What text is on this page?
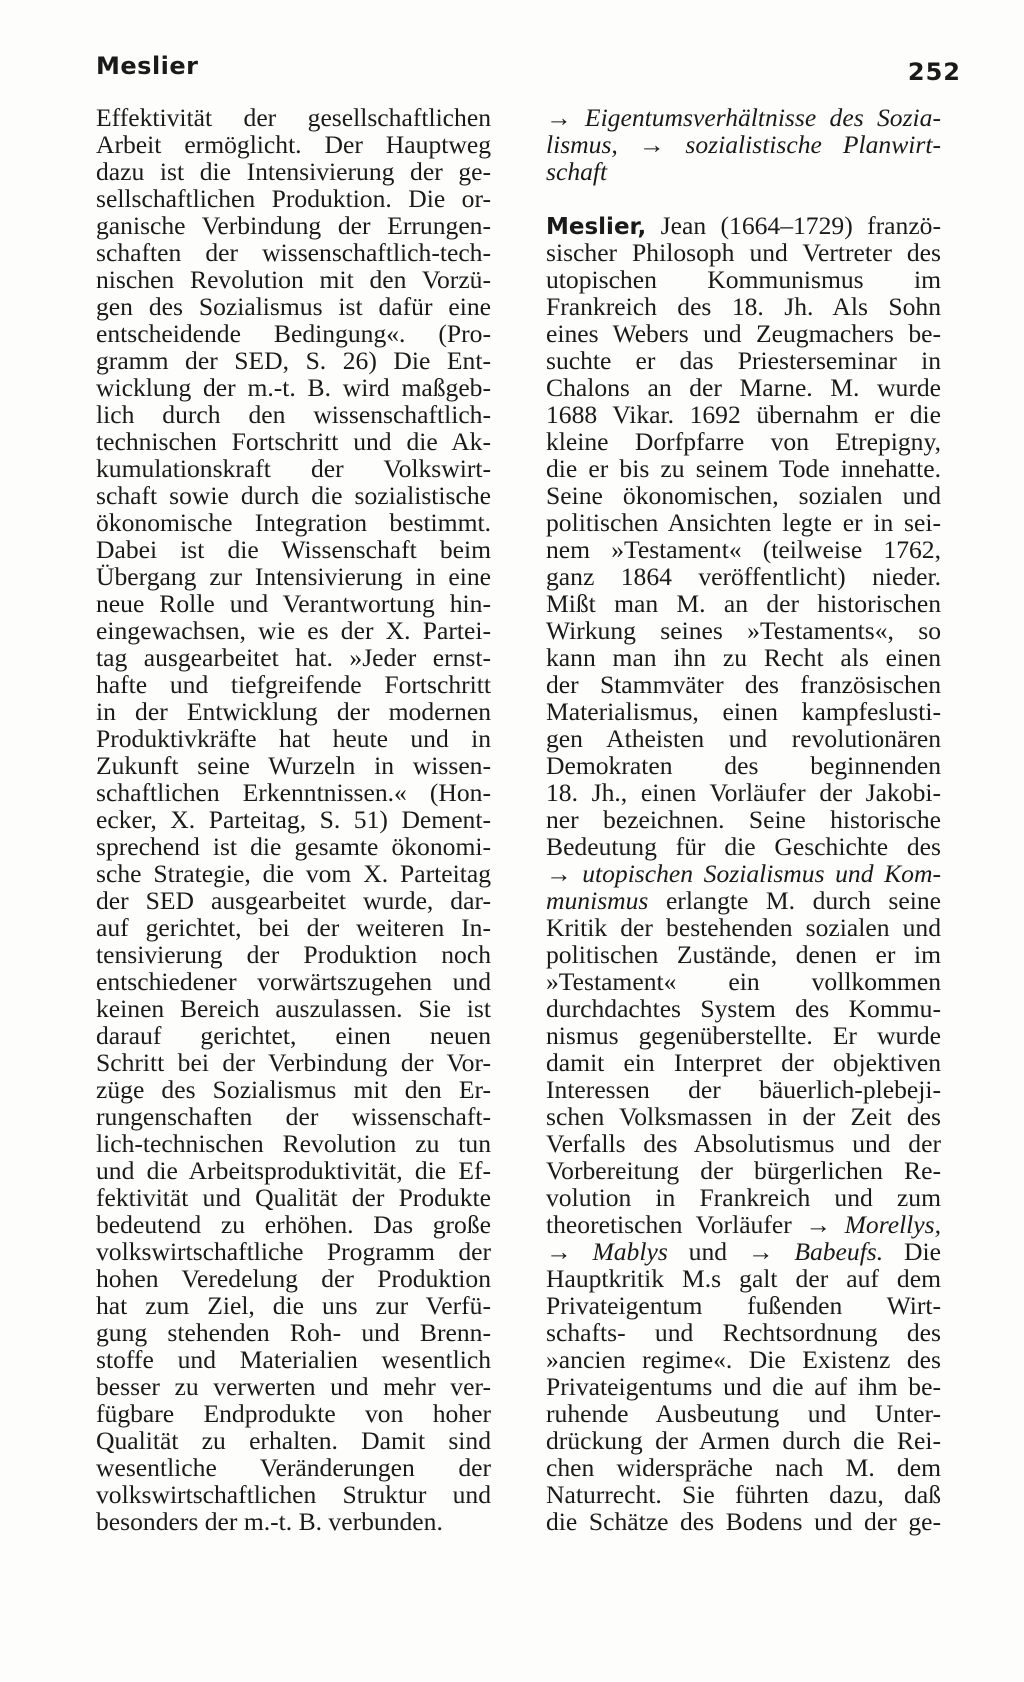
Meslier	252
Effektivität der gesellschaftlichen
Arbeit ermöglicht. Der Hauptweg
dazu ist die Intensivierung der ge-
sellschaftlichen Produktion. Die or-
ganische Verbindung der Errungen-
schaften der wissenschaftlich-tech-
nischen Revolution mit den Vorzü-
gen des Sozialismus ist dafür eine
entscheidende Bedingung«. (Pro-
gramm der SED, S. 26) Die Ent-
wicklung der m.-t. B. wird maßgeb-
lich durch den wissenschaftlich-
technischen Fortschritt und die Ak-
kumulationskraft der Volkswirt-
schaft sowie durch die sozialistische
ökonomische Integration bestimmt.
Dabei ist die Wissenschaft beim
Übergang zur Intensivierung in eine
neue Rolle und Verantwortung hin-
eingewachsen, wie es der X. Partei-
tag ausgearbeitet hat. »Jeder ernst-
hafte und tiefgreifende Fortschritt
in der Entwicklung der modernen
Produktivkräfte hat heute und in
Zukunft seine Wurzeln in wissen-
schaftlichen Erkenntnissen.« (Hon-
ecker, X. Parteitag, S. 51) Dement-
sprechend ist die gesamte ökonomi-
sche Strategie, die vom X. Parteitag
der SED ausgearbeitet wurde, dar-
auf gerichtet, bei der weiteren In-
tensivierung der Produktion noch
entschiedener vorwärtszugehen und
keinen Bereich auszulassen. Sie ist
darauf gerichtet, einen neuen
Schritt bei der Verbindung der Vor-
züge des Sozialismus mit den Er-
rungenschaften der wissenschaft-
lich-technischen Revolution zu tun
und die Arbeitsproduktivität, die Ef-
fektivität und Qualität der Produkte
bedeutend zu erhöhen. Das große
volkswirtschaftliche Programm der
hohen Veredelung der Produktion
hat zum Ziel, die uns zur Verfü-
gung stehenden Roh- und Brenn-
stoffe und Materialien wesentlich
besser zu verwerten und mehr ver-
fügbare Endprodukte von hoher
Qualität zu erhalten. Damit sind
wesentliche Veränderungen der
volkswirtschaftlichen Struktur und
besonders der m.-t. B. verbunden.
→ Eigentumsverhältnisse des Sozia-
lismus, → sozialistische Planwirt-
schaft
Meslier, Jean (1664–1729) franzö-
sischer Philosoph und Vertreter des
utopischen Kommunismus im
Frankreich des 18. Jh. Als Sohn
eines Webers und Zeugmachers be-
suchte er das Priesterseminar in
Chalons an der Marne. M. wurde
1688 Vikar. 1692 übernahm er die
kleine Dorfpfarre von Etrepigny,
die er bis zu seinem Tode innehatte.
Seine ökonomischen, sozialen und
politischen Ansichten legte er in sei-
nem »Testament« (teilweise 1762,
ganz 1864 veröffentlicht) nieder.
Mißt man M. an der historischen
Wirkung seines »Testaments«, so
kann man ihn zu Recht als einen
der Stammväter des französischen
Materialismus, einen kampfeslusti-
gen Atheisten und revolutionären
Demokraten des beginnenden
18. Jh., einen Vorläufer der Jakobi-
ner bezeichnen. Seine historische
Bedeutung für die Geschichte des
→ utopischen Sozialismus und Kom-
munismus erlangte M. durch seine
Kritik der bestehenden sozialen und
politischen Zustände, denen er im
»Testament« ein vollkommen
durchdachtes System des Kommu-
nismus gegenüberstellte. Er wurde
damit ein Interpret der objektiven
Interessen der bäuerlich-plebeji-
schen Volksmassen in der Zeit des
Verfalls des Absolutismus und der
Vorbereitung der bürgerlichen Re-
volution in Frankreich und zum
theoretischen Vorläufer → Morellys,
→ Mablys und → Babeufs. Die
Hauptkritik M.s galt der auf dem
Privateigentum fußenden Wirt-
schafts- und Rechtsordnung des
»ancien regime«. Die Existenz des
Privateigentums und die auf ihm be-
ruhende Ausbeutung und Unter-
drückung der Armen durch die Rei-
chen widerspräche nach M. dem
Naturrecht. Sie führten dazu, daß
die Schätze des Bodens und der ge-
